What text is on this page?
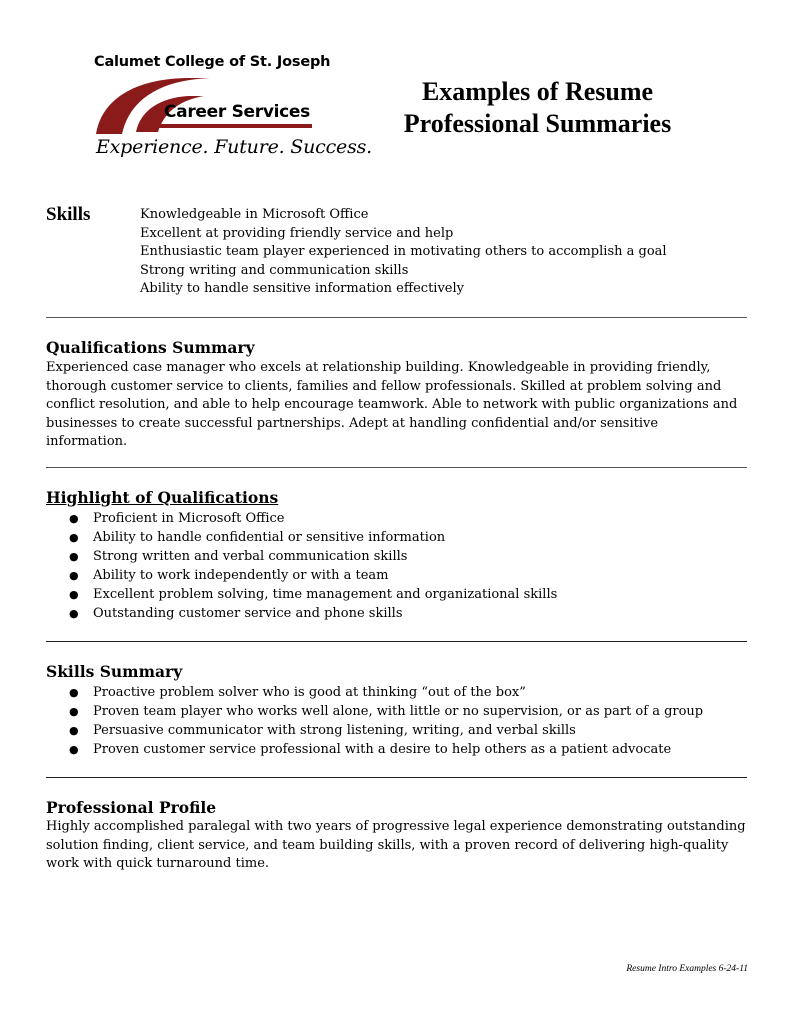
Calumet College of St. Joseph
Career Services
Experience. Future. Success.
Examples of Resume
Professional Summaries
Skills	Knowledgeable in Microsoft Office
Excellent at providing friendly service and help
Enthusiastic team player experienced in motivating others to accomplish a goal
Strong writing and communication skills
Ability to handle sensitive information effectively
Qualifications Summary

Experienced case manager who excels at relationship building. Knowledgeable in providing friendly,
thorough customer service to clients, families and fellow professionals. Skilled at problem solving and
conflict resolution, and able to help encourage teamwork. Able to network with public organizations and
businesses to create successful partnerships. Adept at handling confidential and/or sensitive
information.

Highlight of Qualifications
● Proficient in Microsoft Office
● Ability to handle confidential or sensitive information
● Strong written and verbal communication skills
● Ability to work independently or with a team
● Excellent problem solving, time management and organizational skills
● Outstanding customer service and phone skills
Skills Summary
● Proactive problem solver who is good at thinking “out of the box”
● Proven team player who works well alone, with little or no supervision, or as part of a group
● Persuasive communicator with strong listening, writing, and verbal skills
● Proven customer service professional with a desire to help others as a patient advocate
Professional Profile

Highly accomplished paralegal with two years of progressive legal experience demonstrating outstanding
solution finding, client service, and team building skills, with a proven record of delivering high-quality
work with quick turnaround time.

Resume Intro Examples 6-24-11
